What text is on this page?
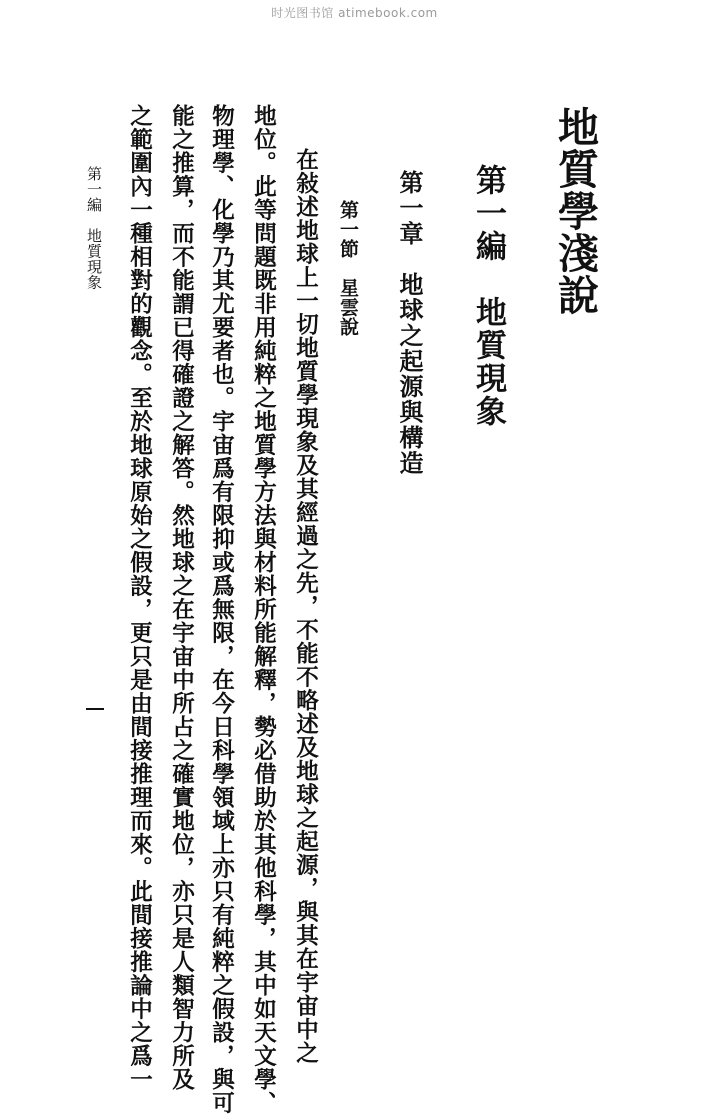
时光图书馆 atimebook.com
地質學淺說
第一編　地質現象
第一章　地球之起源與構造
第一節　星雲說
在敍述地球上一切地質學現象及其經過之先，不能不略述及地球之起源，與其在宇宙中之
地位。此等問題既非用純粹之地質學方法與材料所能解釋，勢必借助於其他科學，其中如天文學、
物理學、化學乃其尤要者也。宇宙爲有限抑或爲無限，在今日科學領域上亦只有純粹之假設，與可
能之推算，而不能謂已得確證之解答。然地球之在宇宙中所占之確實地位，亦只是人類智力所及
之範圍內一種相對的觀念。至於地球原始之假設，更只是由間接推理而來。此間接推論中之爲一
第一編　地質現象
